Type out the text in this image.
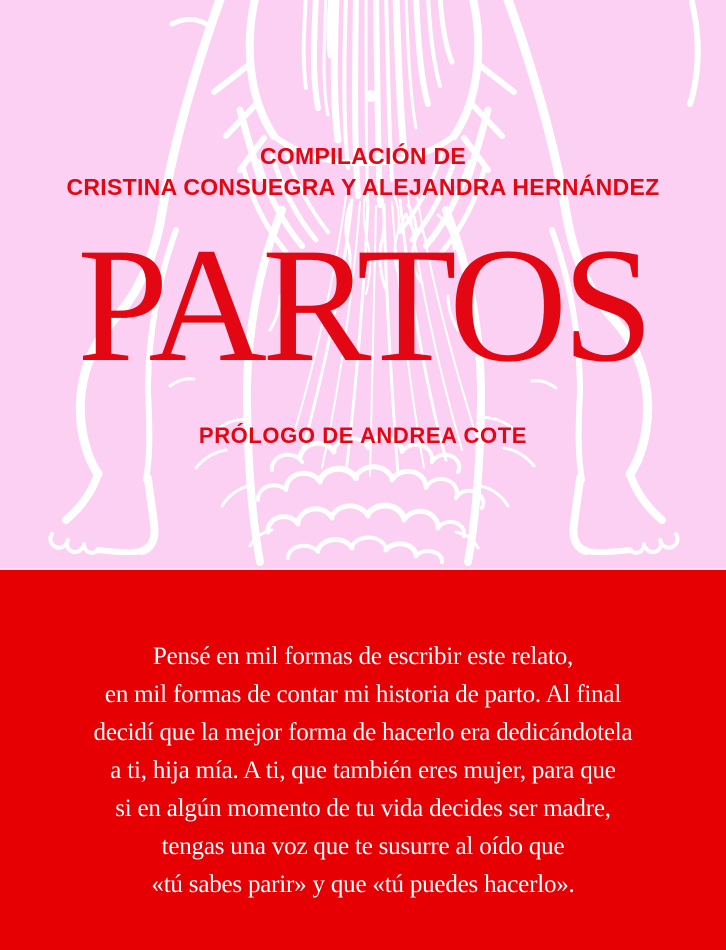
COMPILACIÓN DE
CRISTINA CONSUEGRA Y ALEJANDRA HERNÁNDEZ
PARTOS
PRÓLOGO DE ANDREA COTE
Pensé en mil formas de escribir este relato,
en mil formas de contar mi historia de parto. Al final
decidí que la mejor forma de hacerlo era dedicándotela
a ti, hija mía. A ti, que también eres mujer, para que
si en algún momento de tu vida decides ser madre,
tengas una voz que te susurre al oído que
«tú sabes parir» y que «tú puedes hacerlo».
